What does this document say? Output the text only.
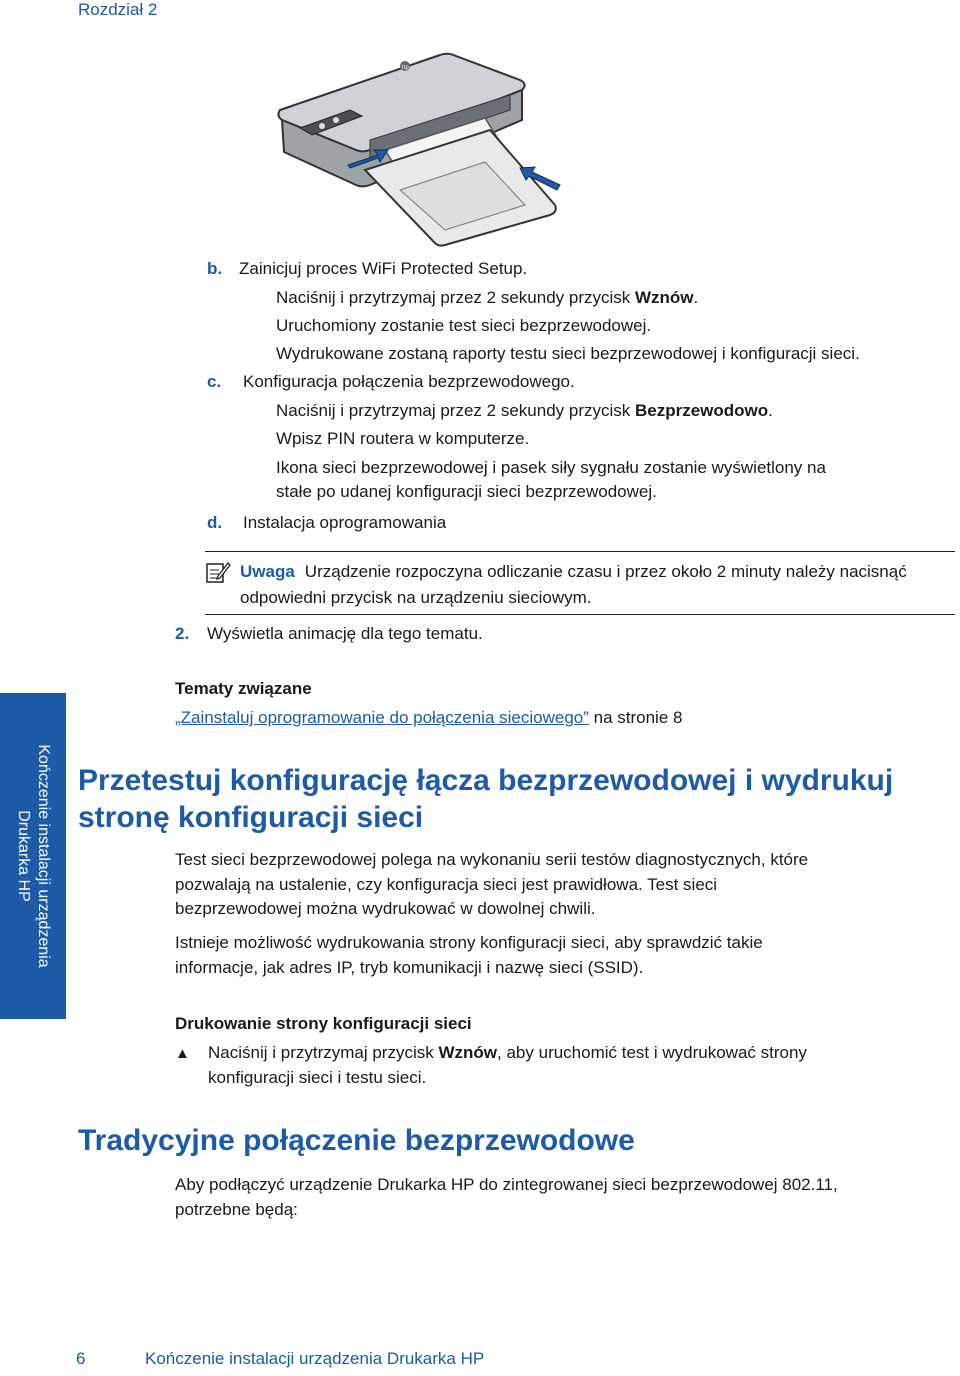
Rozdział 2
hp
b. Zainicjuj proces WiFi Protected Setup.
Naciśnij i przytrzymaj przez 2 sekundy przycisk Wznów.
Uruchomiony zostanie test sieci bezprzewodowej.
Wydrukowane zostaną raporty testu sieci bezprzewodowej i konfiguracji sieci.
c. Konfiguracja połączenia bezprzewodowego.
Naciśnij i przytrzymaj przez 2 sekundy przycisk Bezprzewodowo.
Wpisz PIN routera w komputerze.
Ikona sieci bezprzewodowej i pasek siły sygnału zostanie wyświetlony na
stałe po udanej konfiguracji sieci bezprzewodowej.
d. Instalacja oprogramowania
Uwaga Urządzenie rozpoczyna odliczanie czasu i przez około 2 minuty należy nacisnąć odpowiedni przycisk na urządzeniu sieciowym.
2. Wyświetla animację dla tego tematu.
Kończenie instalacji urządzenia
Drukarka HP
Tematy związane
„Zainstaluj oprogramowanie do połączenia sieciowego” na stronie 8
Przetestuj konfigurację łącza bezprzewodowej i wydrukuj
stronę konfiguracji sieci
Test sieci bezprzewodowej polega na wykonaniu serii testów diagnostycznych, które
pozwalają na ustalenie, czy konfiguracja sieci jest prawidłowa. Test sieci
bezprzewodowej można wydrukować w dowolnej chwili.
Istnieje możliwość wydrukowania strony konfiguracji sieci, aby sprawdzić takie
informacje, jak adres IP, tryb komunikacji i nazwę sieci (SSID).
Drukowanie strony konfiguracji sieci
▲ Naciśnij i przytrzymaj przycisk Wznów, aby uruchomić test i wydrukować strony
konfiguracji sieci i testu sieci.
Tradycyjne połączenie bezprzewodowe
Aby podłączyć urządzenie Drukarka HP do zintegrowanej sieci bezprzewodowej 802.11,
potrzebne będą:
6	Kończenie instalacji urządzenia Drukarka HP
